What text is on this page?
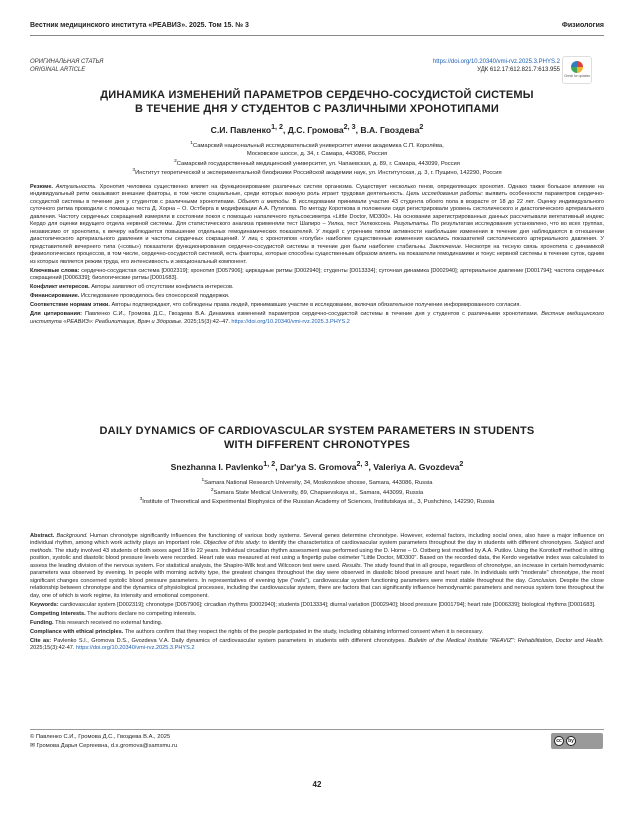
Вестник медицинского института «РЕАВИЗ». 2025. Том 15. № 3	Физиология
ОРИГИНАЛЬНАЯ СТАТЬЯ
ORIGINAL ARTICLE
https://doi.org/10.20340/vmi-rvz.2025.3.PHYS.2
УДК 612.17:612.821.7:613.955
Check for updates
ДИНАМИКА ИЗМЕНЕНИЙ ПАРАМЕТРОВ СЕРДЕЧНО-СОСУДИСТОЙ СИСТЕМЫ
В ТЕЧЕНИЕ ДНЯ У СТУДЕНТОВ С РАЗЛИЧНЫМИ ХРОНОТИПАМИ
С.И. Павленко$^{1, 2}$, Д.С. Громова$^{2, 3}$, В.А. Гвоздева$^2$
$^1$Самарский национальный исследовательский университет имени академика С.П. Королёва,
Московское шоссе, д. 34, г. Самара, 443086, Россия
$^2$Самарский государственный медицинский университет, ул. Чапаевская, д. 89, г. Самара, 443099, Россия
$^3$Институт теоретической и экспериментальной биофизики Российской академии наук, ул. Институтская, д. 3, г. Пущино, 142290, Россия

Резюме. Актуальность. Хронотип человека существенно влияет на функционирование различных систем организма. Существует несколько генов, определяющих хронотип. Однако также большое влияние на индивидуальный ритм оказывают внешние факторы, в том числе социальные, среди которых важную роль играет трудовая деятельность. Цель исследования работы: выявить особенности параметров сердечно-сосудистой системы в течение дня у студентов с различными хронотипами. Объект и методы. В исследовании принимали участие 43 студента обоего пола в возрасте от 18 до 22 лет. Оценку индивидуального суточного ритма проводили с помощью теста Д. Хорна – О. Остберга в модификации А.А. Путилова. По методу Короткова в положении сидя регистрировали уровень систолического и диастолического артериального давления. Частоту сердечных сокращений измеряли в состоянии покоя с помощью напалечного пульсоксиметра «Little Doctor, MD300». На основании зарегистрированных данных рассчитывали вегетативный индекс Кердо для оценки ведущего отдела нервной системы. Для статистического анализа применяли тест Шапиро – Уилка, тест Уилкоксона. Результаты. По результатам исследования установлено, что во всех группах, независимо от хронотипа, к вечеру наблюдается повышение отдельных гемодинамических показателей. У людей с утренним типом активности наибольшие изменения в течение дня наблюдаются в отношении диастолического артериального давления и частоты сердечных сокращений. У лиц с хронотипом «голуби» наиболее существенные изменения касались показателей систолического артериального давления. У представителей вечернего типа («совы») показатели функционирования сердечно-сосудистой системы в течение дня были наиболее стабильны. Заключение. Несмотря на тесную связь хронотипа с динамикой физиологических процессов, в том числе, сердечно-сосудистой системой, есть факторы, которые способны существенным образом влиять на показатели гемодинамики и тонус нервной системы в течение суток, одним из которых является режим труда, его интенсивность и эмоциональный компонент.

Ключевые слова: сердечно-сосудистая система [D002319]; хронотип [D057906]; циркадные ритмы [D002940]; студенты [D013334]; суточная динамика [D002940]; артериальное давление [D001794]; частота сердечных сокращений [D006339]; биологические ритмы [D001683].

Конфликт интересов. Авторы заявляют об отсутствии конфликта интересов.

Финансирование. Исследование проводилось без спонсорской поддержки.

Соответствие нормам этики. Авторы подтверждают, что соблюдены права людей, принимавших участие в исследовании, включая обязательное получение информированного согласия.

Для цитирования: Павленко С.И., Громова Д.С., Гвоздева В.А. Динамика изменений параметров сердечно-сосудистой системы в течение дня у студентов с различными хронотипами. Вестник медицинского института «РЕАВИЗ»: Реабилитация, Врач и Здоровье. 2025;15(3):42–47. https://doi.org/10.20340/vmi-rvz.2025.3.PHYS.2

DAILY DYNAMICS OF CARDIOVASCULAR SYSTEM PARAMETERS IN STUDENTS
WITH DIFFERENT CHRONOTYPES
Snezhanna I. Pavlenko$^{1, 2}$, Dar'ya S. Gromova$^{2, 3}$, Valeriya A. Gvozdeva$^2$
$^1$Samara National Research University, 34, Moskovskoe shosse, Samara, 443086, Russia
$^2$Samara State Medical University, 89, Chapaevskaya st., Samara, 443099, Russia
$^3$Institute of Theoretical and Experimental Biophysics of the Russian Academy of Sciences, Institutskaya st., 3, Pushchino, 142290, Russia

Abstract. Background. Human chronotype significantly influences the functioning of various body systems. Several genes determine chronotype. However, external factors, including social ones, also have a major influence on individual rhythm, among which work activity plays an important role. Objective of this study: to identify the characteristics of cardiovascular system parameters throughout the day in students with different chronotypes. Subject and methods. The study involved 43 students of both sexes aged 18 to 22 years. Individual circadian rhythm assessment was performed using the D. Horne – O. Ostberg test modified by A.A. Putilov. Using the Korotkoff method in sitting position, systolic and diastolic blood pressure levels were recorded. Heart rate was measured at rest using a fingertip pulse oximeter "Little Doctor, MD300". Based on the recorded data, the Kerdo vegetative index was calculated to assess the leading division of the nervous system. For statistical analysis, the Shapiro-Wilk test and Wilcoxon test were used. Results. The study found that in all groups, regardless of chronotype, an increase in certain hemodynamic parameters was observed by evening. In people with morning activity type, the greatest changes throughout the day were observed in diastolic blood pressure and heart rate. In individuals with "moderate" chronotype, the most significant changes concerned systolic blood pressure parameters. In representatives of evening type ("owls"), cardiovascular system functioning parameters were most stable throughout the day. Conclusion. Despite the close relationship between chronotype and the dynamics of physiological processes, including the cardiovascular system, there are factors that can significantly influence hemodynamic parameters and nervous system tone throughout the day, one of which is work regime, its intensity and emotional component.

Keywords: cardiovascular system [D002319]; chronotype [D057906]; circadian rhythms [D002940]; students [D013334]; diurnal variation [D002940]; blood pressure [D001794]; heart rate [D006339]; biological rhythms [D001683].

Competing interests. The authors declare no competing interests.

Funding. This research received no external funding.

Compliance with ethical principles. The authors confirm that they respect the rights of the people participated in the study, including obtaining informed consent when it is necessary.

Cite as: Pavlenko S.I., Gromova D.S., Gvozdeva V.A. Daily dynamics of cardiovascular system parameters in students with different chronotypes. Bulletin of the Medical Institute "REAVIZ": Rehabilitation, Doctor and Health. 2025;15(3):42-47. https://doi.org/10.20340/vmi-rvz.2025.3.PHYS.2

© Павленко С.И., Громова Д.С., Гвоздева В.А., 2025
✉ Громова Дарья Сергеевна, d.s.gromova@samsmu.ru
cc	by
42
